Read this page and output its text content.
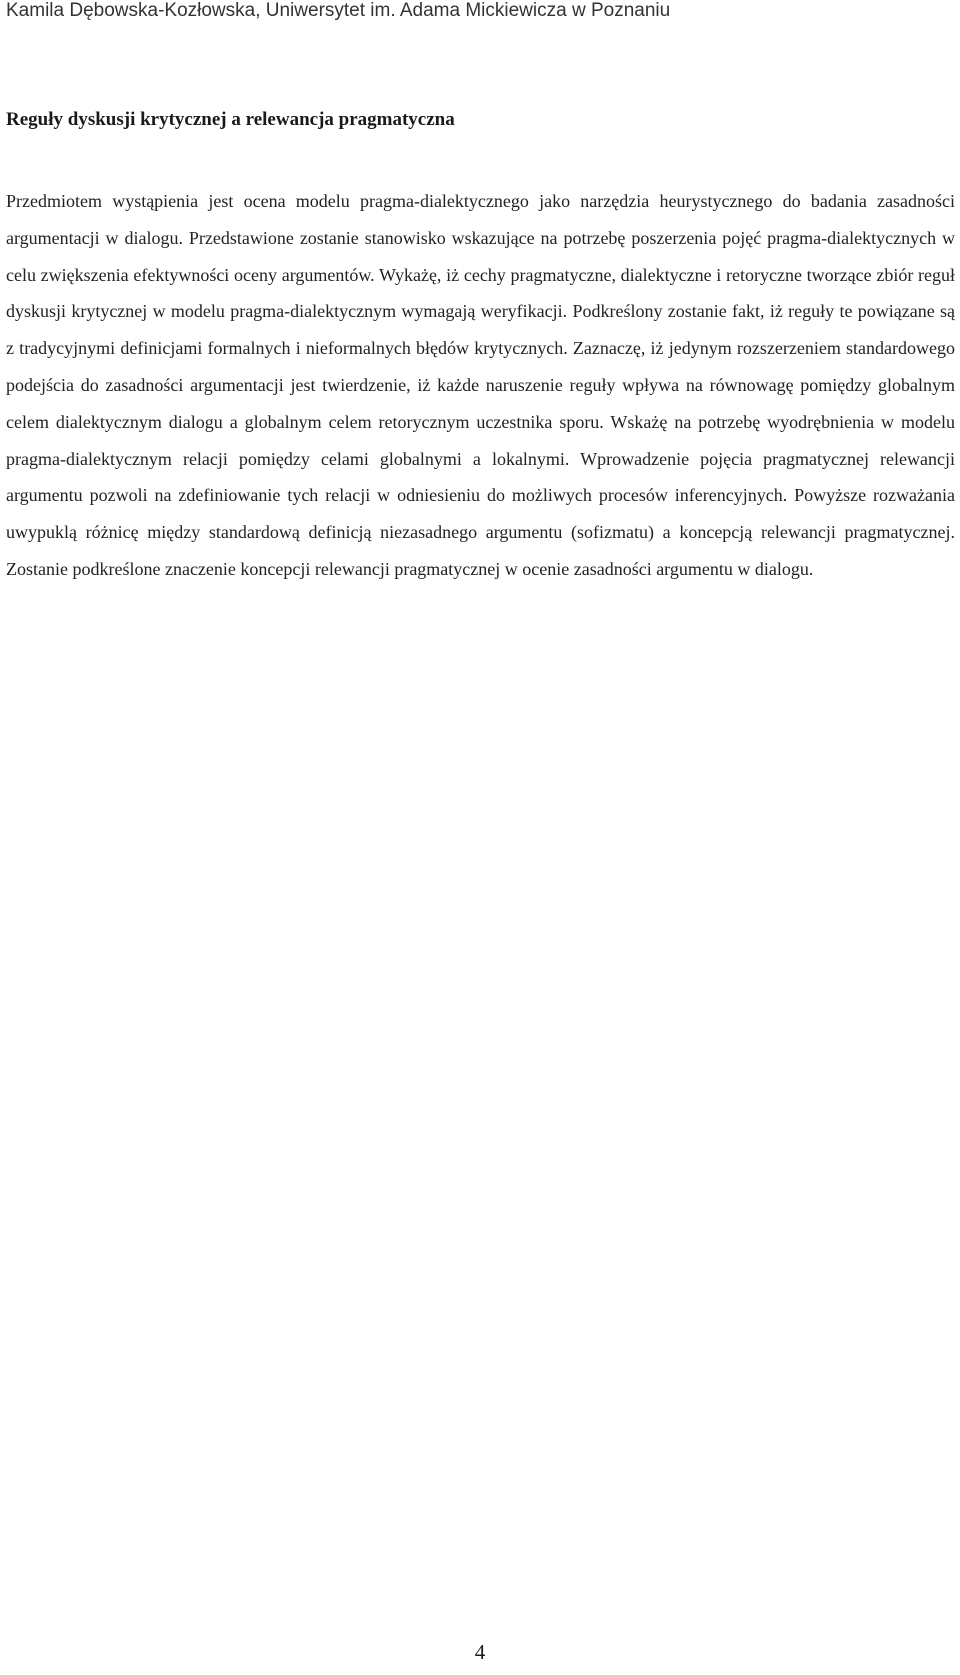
Kamila Dębowska-Kozłowska, Uniwersytet im. Adama Mickiewicza w Poznaniu
Reguły dyskusji krytycznej a relewancja pragmatyczna
Przedmiotem wystąpienia jest ocena modelu pragma-dialektycznego jako narzędzia heurystycznego do badania zasadności argumentacji w dialogu. Przedstawione zostanie stanowisko wskazujące na potrzebę poszerzenia pojęć pragma-dialektycznych w celu zwiększenia efektywności oceny argumentów. Wykażę, iż cechy pragmatyczne, dialektyczne i retoryczne tworzące zbiór reguł dyskusji krytycznej w modelu pragma-dialektycznym wymagają weryfikacji. Podkreślony zostanie fakt, iż reguły te powiązane są z tradycyjnymi definicjami formalnych i nieformalnych błędów krytycznych. Zaznaczę, iż jedynym rozszerzeniem standardowego podejścia do zasadności argumentacji jest twierdzenie, iż każde naruszenie reguły wpływa na równowagę pomiędzy globalnym celem dialektycznym dialogu a globalnym celem retorycznym uczestnika sporu. Wskażę na potrzebę wyodrębnienia w modelu pragma-dialektycznym relacji pomiędzy celami globalnymi a lokalnymi. Wprowadzenie pojęcia pragmatycznej relewancji argumentu pozwoli na zdefiniowanie tych relacji w odniesieniu do możliwych procesów inferencyjnych. Powyższe rozważania uwypuklą różnicę między standardową definicją niezasadnego argumentu (sofizmatu) a koncepcją relewancji pragmatycznej. Zostanie podkreślone znaczenie koncepcji relewancji pragmatycznej w ocenie zasadności argumentu w dialogu.
4
